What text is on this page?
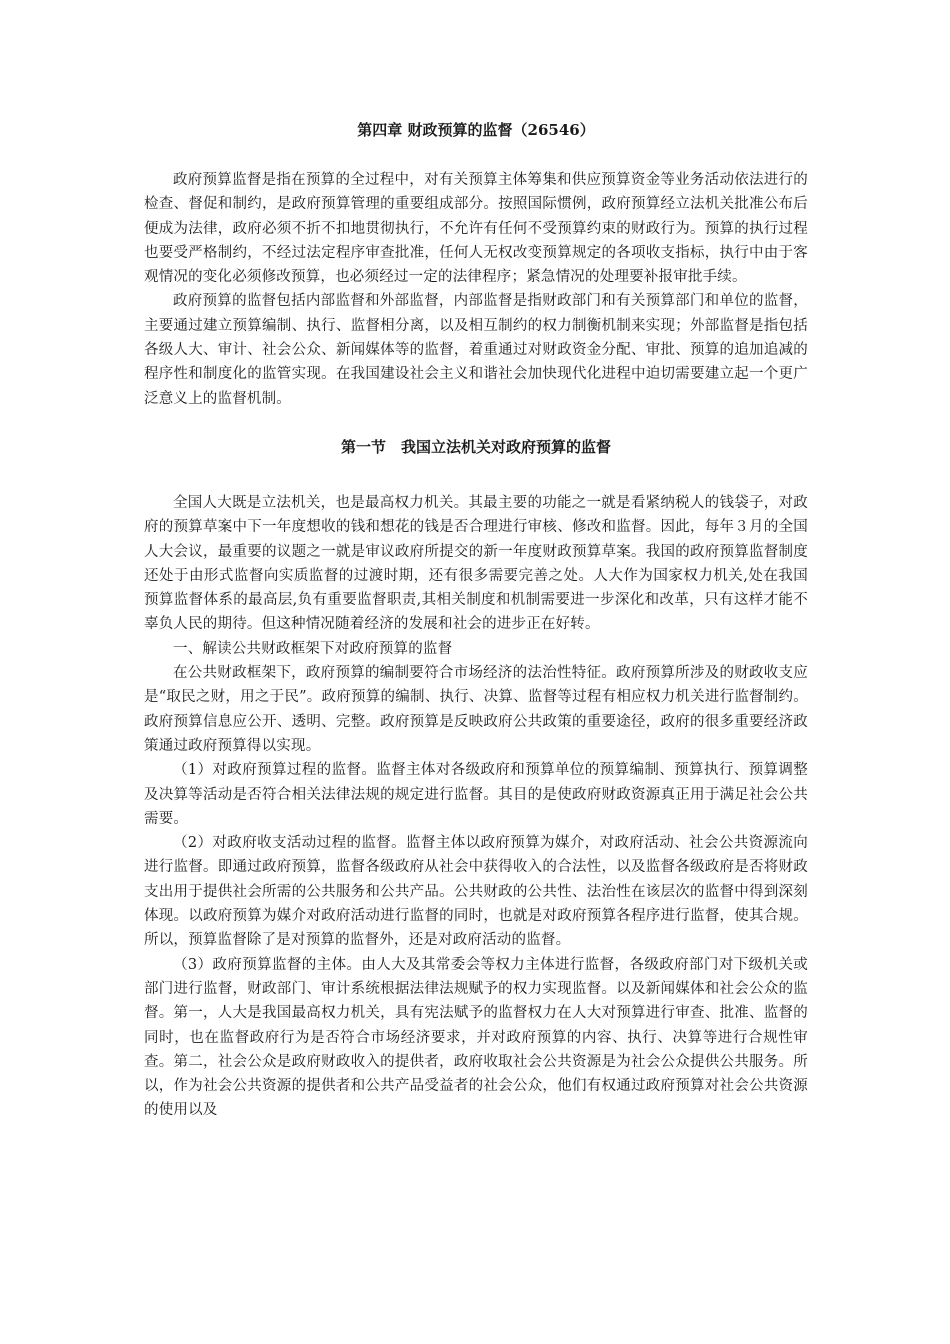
第四章 财政预算的监督（26546）

政府预算监督是指在预算的全过程中，对有关预算主体筹集和供应预算资金等业务活动依法进行的检查、督促和制约，是政府预算管理的重要组成部分。按照国际惯例，政府预算经立法机关批准公布后便成为法律，政府必须不折不扣地贯彻执行，不允许有任何不受预算约束的财政行为。预算的执行过程也要受严格制约，不经过法定程序审查批准，任何人无权改变预算规定的各项收支指标，执行中由于客观情况的变化必须修改预算，也必须经过一定的法律程序；紧急情况的处理要补报审批手续。

政府预算的监督包括内部监督和外部监督，内部监督是指财政部门和有关预算部门和单位的监督，主要通过建立预算编制、执行、监督相分离，以及相互制约的权力制衡机制来实现；外部监督是指包括各级人大、审计、社会公众、新闻媒体等的监督，着重通过对财政资金分配、审批、预算的追加追减的程序性和制度化的监管实现。在我国建设社会主义和谐社会加快现代化进程中迫切需要建立起一个更广泛意义上的监督机制。

第一节　我国立法机关对政府预算的监督

全国人大既是立法机关，也是最高权力机关。其最主要的功能之一就是看紧纳税人的钱袋子，对政府的预算草案中下一年度想收的钱和想花的钱是否合理进行审核、修改和监督。因此，每年３月的全国人大会议，最重要的议题之一就是审议政府所提交的新一年度财政预算草案。我国的政府预算监督制度还处于由形式监督向实质监督的过渡时期，还有很多需要完善之处。人大作为国家权力机关,处在我国预算监督体系的最高层,负有重要监督职责,其相关制度和机制需要进一步深化和改革，只有这样才能不辜负人民的期待。但这种情况随着经济的发展和社会的进步正在好转。

一、解读公共财政框架下对政府预算的监督

在公共财政框架下，政府预算的编制要符合市场经济的法治性特征。政府预算所涉及的财政收支应是“取民之财，用之于民”。政府预算的编制、执行、决算、监督等过程有相应权力机关进行监督制约。政府预算信息应公开、透明、完整。政府预算是反映政府公共政策的重要途径，政府的很多重要经济政策通过政府预算得以实现。

（1）对政府预算过程的监督。监督主体对各级政府和预算单位的预算编制、预算执行、预算调整及决算等活动是否符合相关法律法规的规定进行监督。其目的是使政府财政资源真正用于满足社会公共需要。

（2）对政府收支活动过程的监督。监督主体以政府预算为媒介，对政府活动、社会公共资源流向进行监督。即通过政府预算，监督各级政府从社会中获得收入的合法性，以及监督各级政府是否将财政支出用于提供社会所需的公共服务和公共产品。公共财政的公共性、法治性在该层次的监督中得到深刻体现。以政府预算为媒介对政府活动进行监督的同时，也就是对政府预算各程序进行监督，使其合规。所以，预算监督除了是对预算的监督外，还是对政府活动的监督。

（3）政府预算监督的主体。由人大及其常委会等权力主体进行监督，各级政府部门对下级机关或部门进行监督，财政部门、审计系统根据法律法规赋予的权力实现监督。以及新闻媒体和社会公众的监督。第一，人大是我国最高权力机关，具有宪法赋予的监督权力在人大对预算进行审查、批准、监督的同时，也在监督政府行为是否符合市场经济要求，并对政府预算的内容、执行、决算等进行合规性审查。第二，社会公众是政府财政收入的提供者，政府收取社会公共资源是为社会公众提供公共服务。所以，作为社会公共资源的提供者和公共产品受益者的社会公众，他们有权通过政府预算对社会公共资源的使用以及
